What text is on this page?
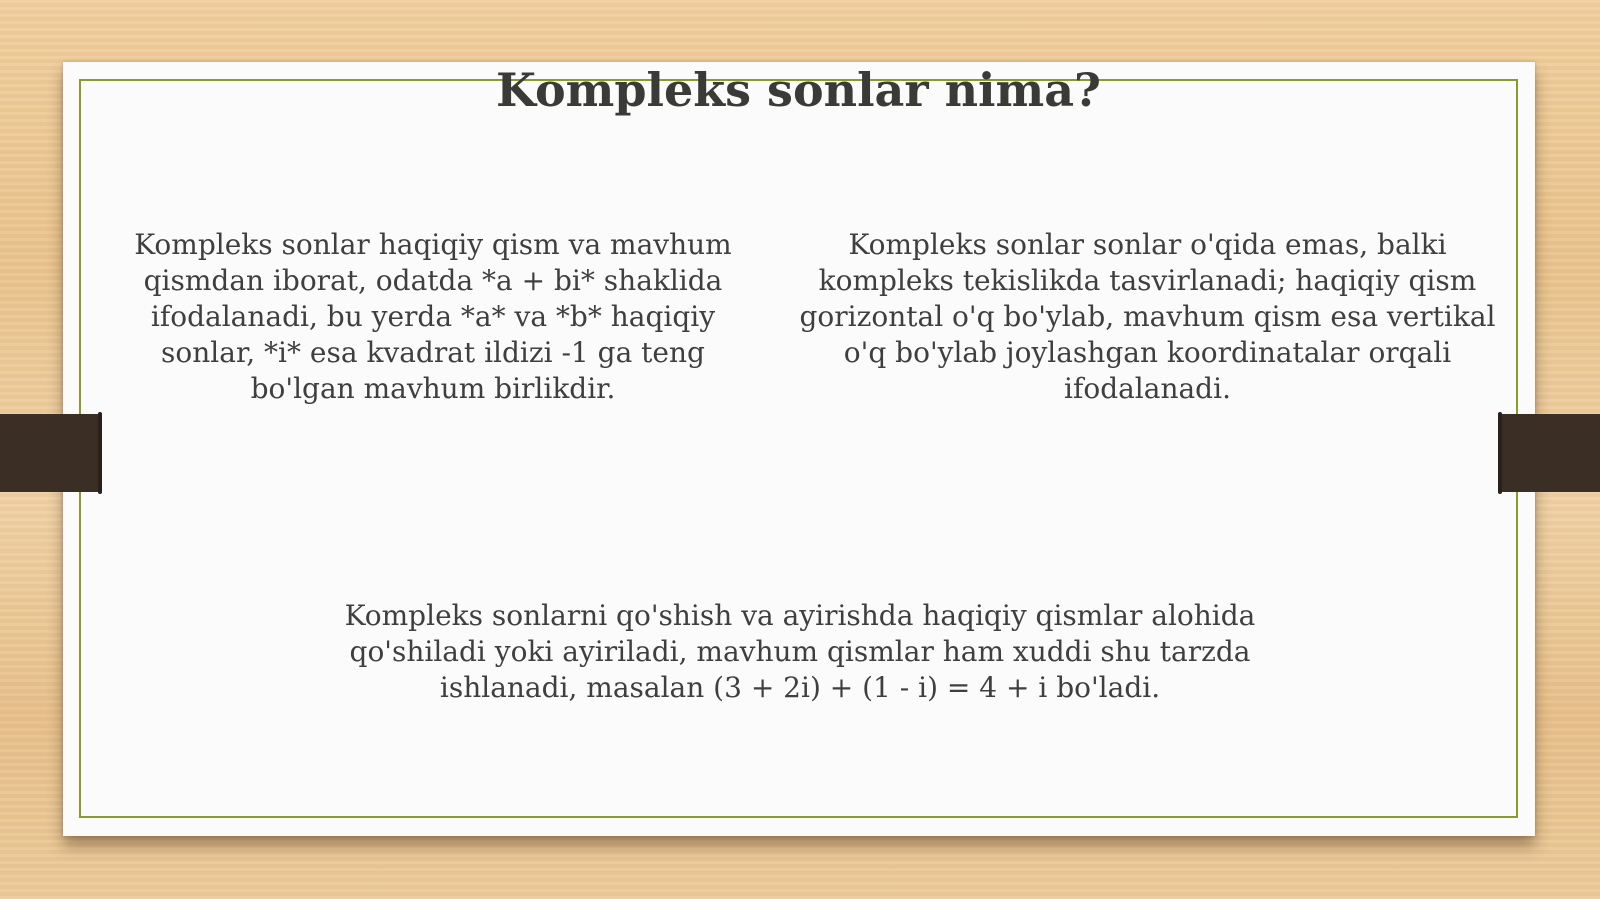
Kompleks sonlar nima?

Kompleks sonlar haqiqiy qism va mavhum qismdan iborat, odatda *a + bi* shaklida ifodalanadi, bu yerda *a* va *b* haqiqiy sonlar, *i* esa kvadrat ildizi -1 ga teng bo'lgan mavhum birlikdir.

Kompleks sonlar sonlar o'qida emas, balki kompleks tekislikda tasvirlanadi; haqiqiy qism gorizontal o'q bo'ylab, mavhum qism esa vertikal o'q bo'ylab joylashgan koordinatalar orqali ifodalanadi.

Kompleks sonlarni qo'shish va ayirishda haqiqiy qismlar alohida qo'shiladi yoki ayiriladi, mavhum qismlar ham xuddi shu tarzda ishlanadi, masalan (3 + 2i) + (1 - i) = 4 + i bo'ladi.
